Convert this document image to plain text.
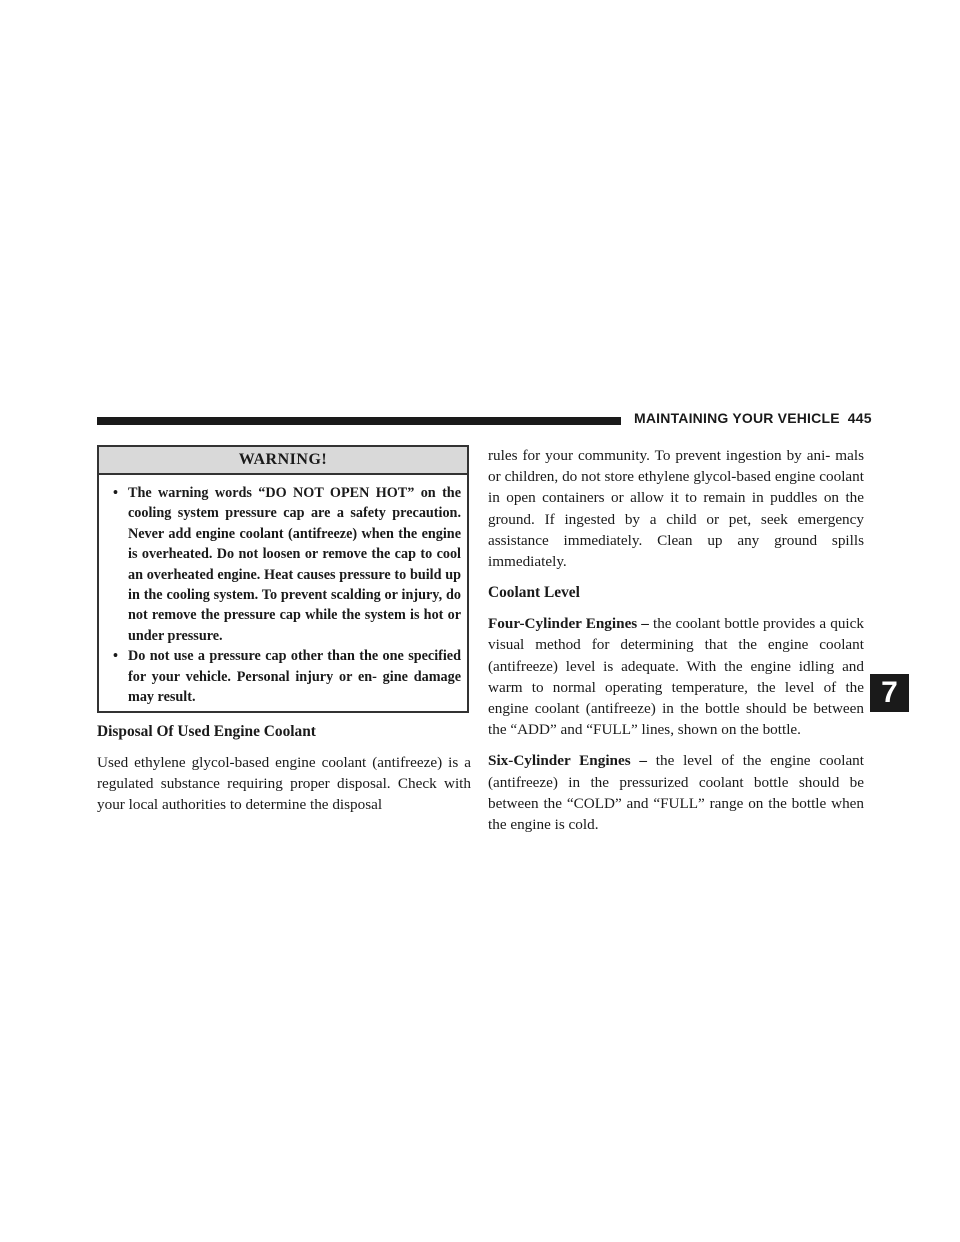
MAINTAINING YOUR VEHICLE 445
WARNING!
• The warning words “DO NOT OPEN HOT” on the cooling system pressure cap are a safety precaution. Never add engine coolant (antifreeze) when the engine is overheated. Do not loosen or remove the cap to cool an overheated engine. Heat causes pressure to build up in the cooling system. To prevent scalding or injury, do not remove the pressure cap while the system is hot or under pressure.
• Do not use a pressure cap other than the one specified for your vehicle. Personal injury or en- gine damage may result.
Disposal Of Used Engine Coolant

Used ethylene glycol-based engine coolant (antifreeze) is a regulated substance requiring proper disposal. Check with your local authorities to determine the disposal

rules for your community. To prevent ingestion by ani- mals or children, do not store ethylene glycol-based engine coolant in open containers or allow it to remain in puddles on the ground. If ingested by a child or pet, seek emergency assistance immediately. Clean up any ground spills immediately.

Coolant Level

Four-Cylinder Engines – the coolant bottle provides a quick visual method for determining that the engine coolant (antifreeze) level is adequate. With the engine idling and warm to normal operating temperature, the level of the engine coolant (antifreeze) in the bottle should be between the “ADD” and “FULL” lines, shown on the bottle.

Six-Cylinder Engines – the level of the engine coolant (antifreeze) in the pressurized coolant bottle should be between the “COLD” and “FULL” range on the bottle when the engine is cold.

7
